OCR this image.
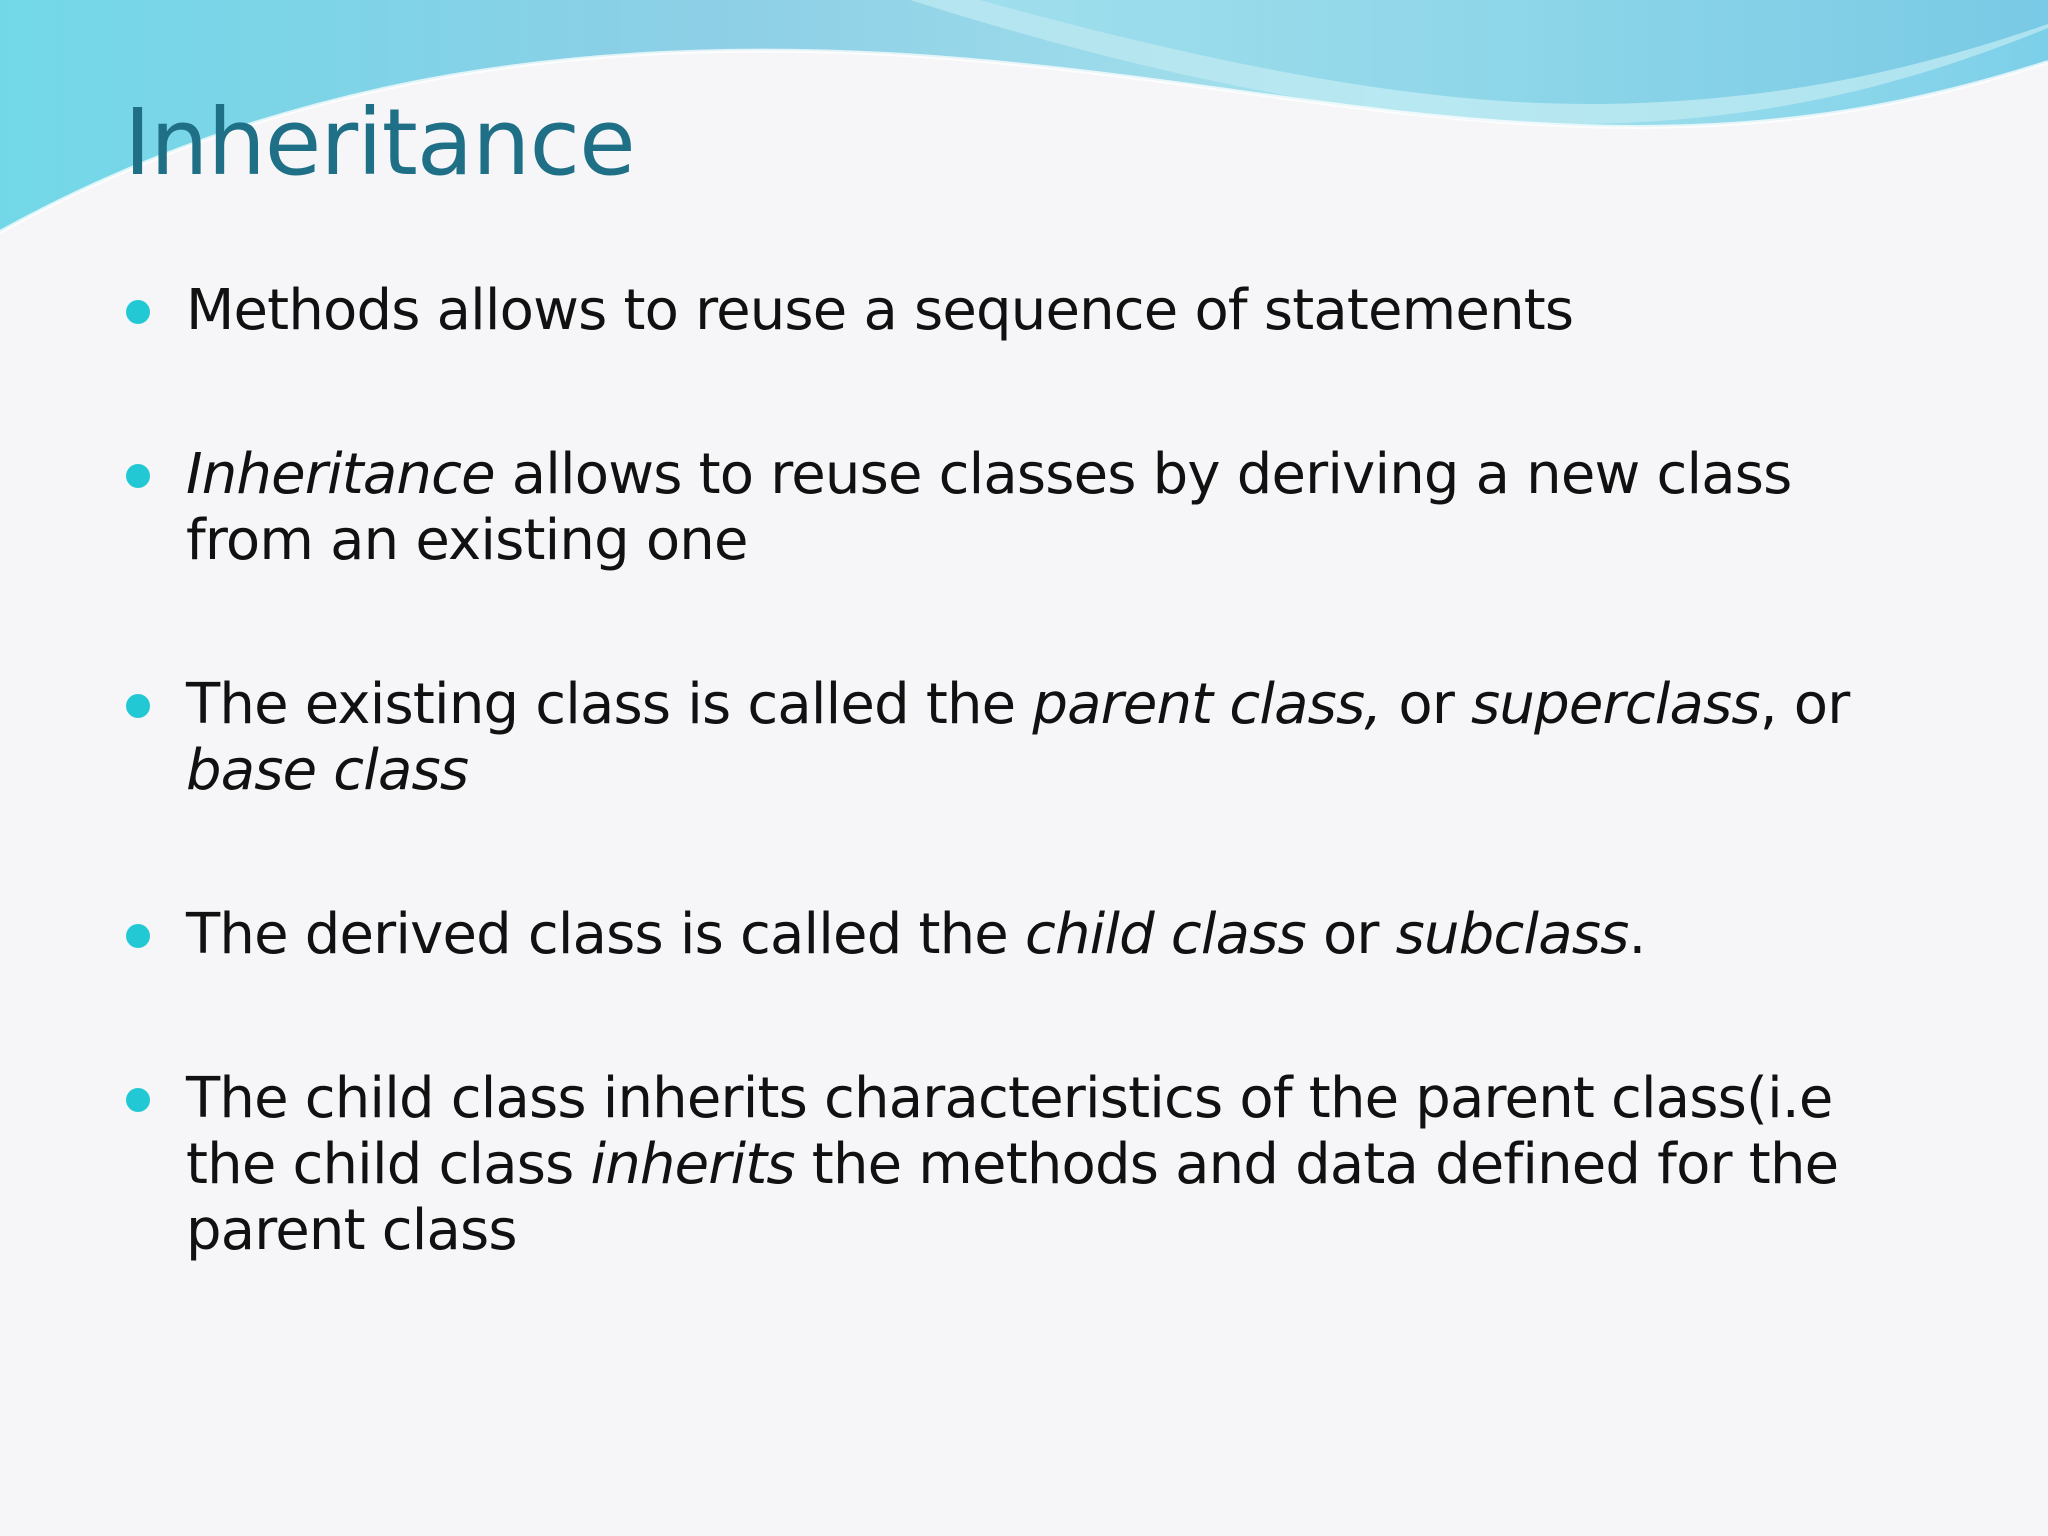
Inheritance
Methods allows to reuse a sequence of statements
Inheritance allows to reuse classes by deriving a new class
from an existing one
The existing class is called the parent class, or superclass, or
base class
The derived class is called the child class or subclass.
The child class inherits characteristics of the parent class(i.e
the child class inherits the methods and data defined for the
parent class
